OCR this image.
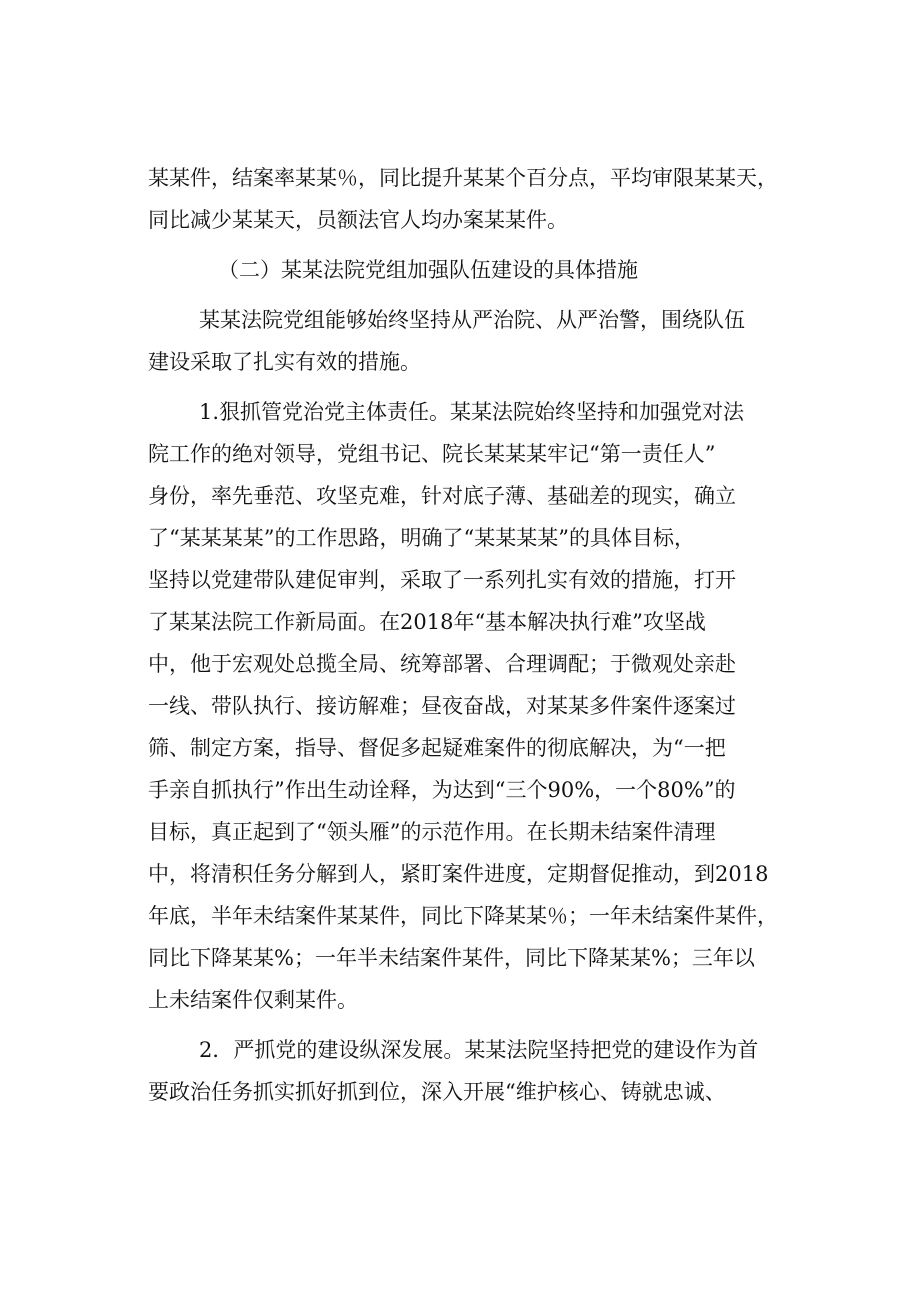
某某件，结案率某某％，同比提升某某个百分点，平均审限某某天，
同比减少某某天，员额法官人均办案某某件。
（二）某某法院党组加强队伍建设的具体措施
某某法院党组能够始终坚持从严治院、从严治警，围绕队伍
建设采取了扎实有效的措施。
1.狠抓管党治党主体责任。某某法院始终坚持和加强党对法
院工作的绝对领导，党组书记、院长某某某牢记“第一责任人”
身份，率先垂范、攻坚克难，针对底子薄、基础差的现实，确立
了“某某某某”的工作思路，明确了“某某某某”的具体目标，
坚持以党建带队建促审判，采取了一系列扎实有效的措施，打开
了某某法院工作新局面。在2018年“基本解决执行难”攻坚战
中，他于宏观处总揽全局、统筹部署、合理调配；于微观处亲赴
一线、带队执行、接访解难；昼夜奋战，对某某多件案件逐案过
筛、制定方案，指导、督促多起疑难案件的彻底解决，为“一把
手亲自抓执行”作出生动诠释，为达到“三个90%，一个80%”的
目标，真正起到了“领头雁”的示范作用。在长期未结案件清理
中，将清积任务分解到人，紧盯案件进度，定期督促推动，到2018
年底，半年未结案件某某件，同比下降某某％；一年未结案件某件，
同比下降某某%；一年半未结案件某件，同比下降某某%；三年以
上未结案件仅剩某件。
2．严抓党的建设纵深发展。某某法院坚持把党的建设作为首
要政治任务抓实抓好抓到位，深入开展“维护核心、铸就忠诚、
